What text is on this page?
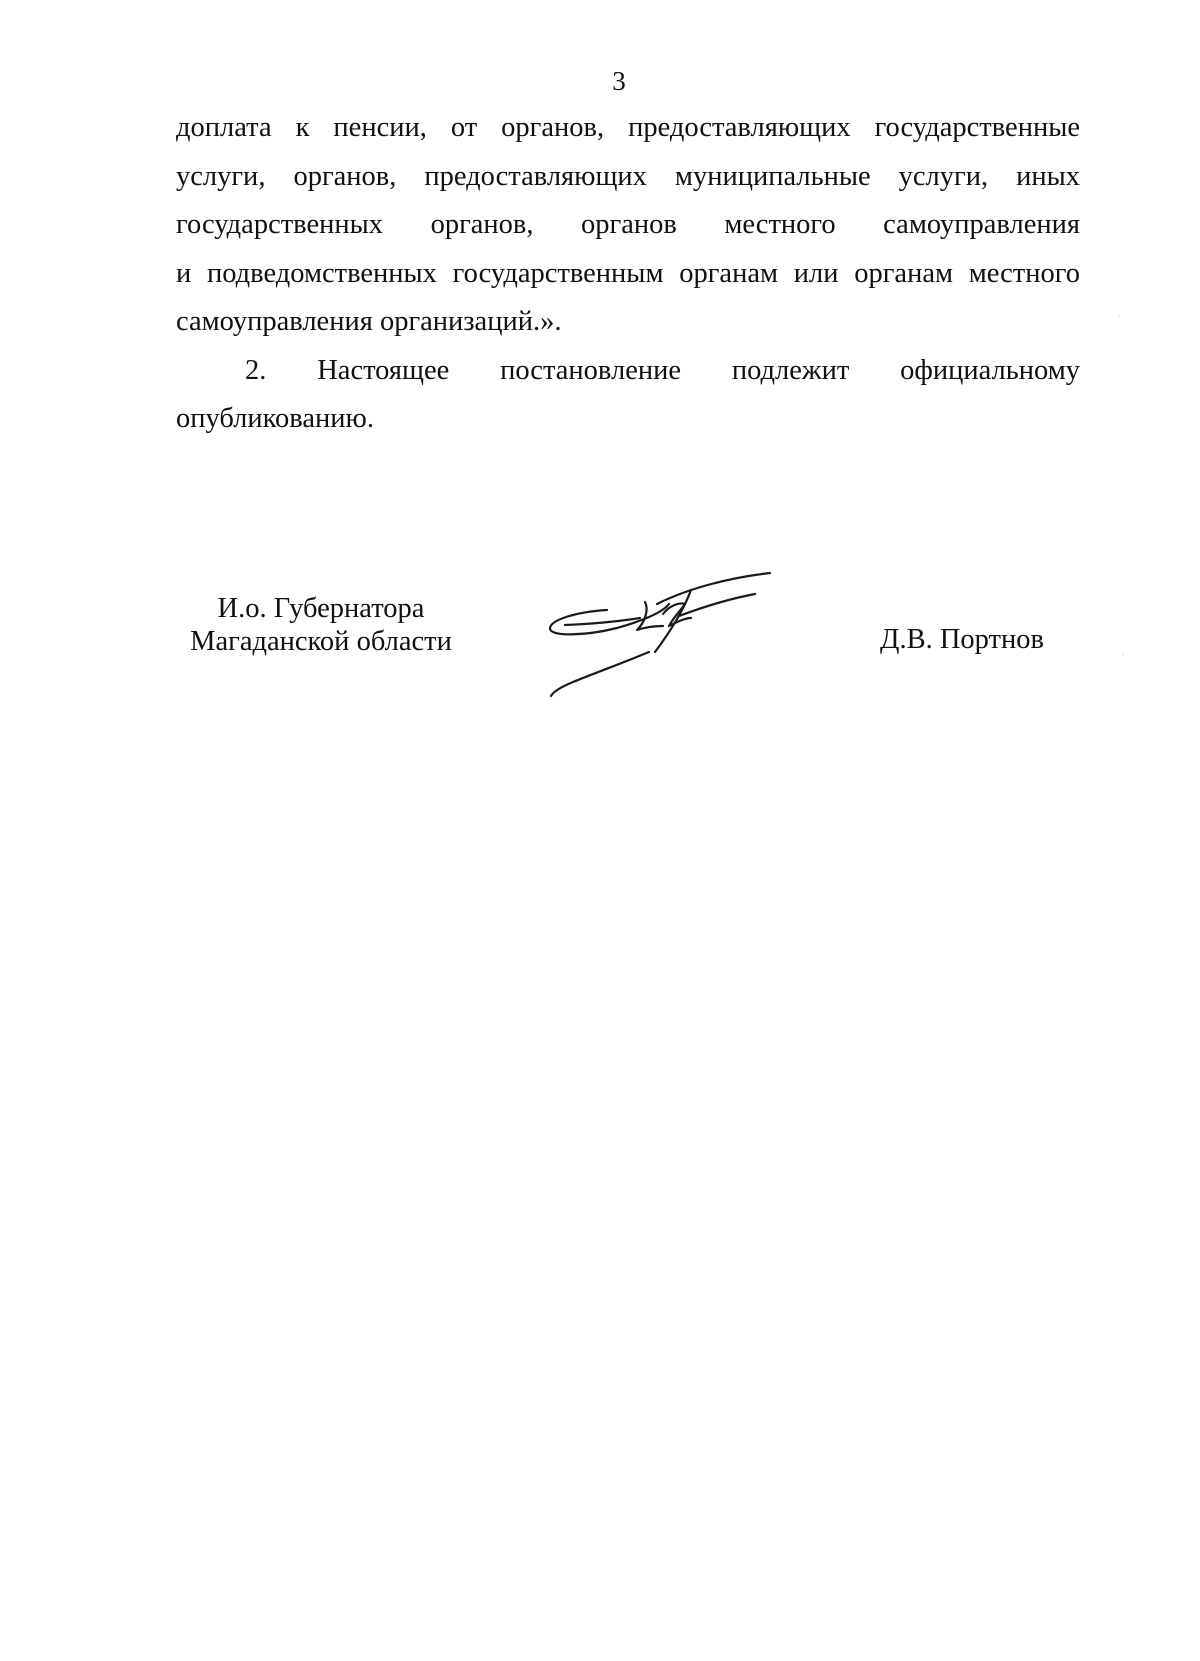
3

доплата к пенсии, от органов, предоставляющих государственные
услуги, органов, предоставляющих муниципальные услуги, иных
государственных органов, органов местного самоуправления
и подведомственных государственным органам или органам местного
самоуправления организаций.».

2. Настоящее постановление подлежит официальному
опубликованию.

И.о. Губернатора
Магаданской области	Д.В. Портнов
